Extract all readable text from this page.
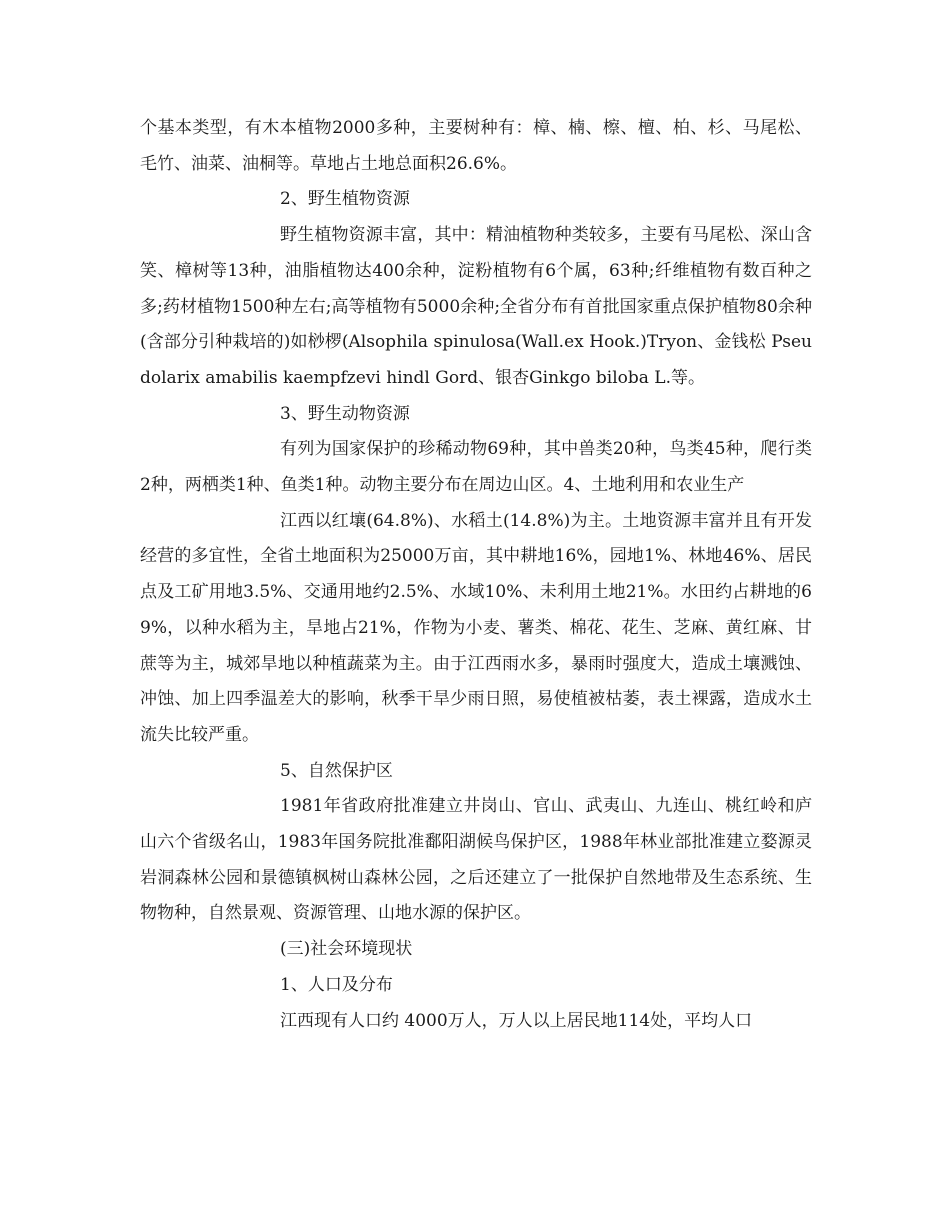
个基本类型，有木本植物2000多种，主要树种有：樟、楠、檫、檀、柏、杉、马尾松、毛竹、油菜、油桐等。草地占土地总面积26.6%。

2、野生植物资源

野生植物资源丰富，其中：精油植物种类较多，主要有马尾松、深山含笑、樟树等13种，油脂植物达400余种，淀粉植物有6个属，63种;纤维植物有数百种之多;药材植物1500种左右;高等植物有5000余种;全省分布有首批国家重点保护植物80余种(含部分引种栽培的)如桫椤(Alsophila spinulosa(Wall.ex Hook.)Tryon、金钱松 Pseudolarix amabilis kaempfzevi hindl Gord、银杏Ginkgo biloba L.等。

3、野生动物资源

有列为国家保护的珍稀动物69种，其中兽类20种，鸟类45种，爬行类2种，两栖类1种、鱼类1种。动物主要分布在周边山区。4、土地利用和农业生产

江西以红壤(64.8%)、水稻土(14.8%)为主。土地资源丰富并且有开发经营的多宜性，全省土地面积为25000万亩，其中耕地16%，园地1%、林地46%、居民点及工矿用地3.5%、交通用地约2.5%、水域10%、未利用土地21%。水田约占耕地的69%，以种水稻为主，旱地占21%，作物为小麦、薯类、棉花、花生、芝麻、黄红麻、甘蔗等为主，城郊旱地以种植蔬菜为主。由于江西雨水多，暴雨时强度大，造成土壤溅蚀、冲蚀、加上四季温差大的影响，秋季干旱少雨日照，易使植被枯萎，表土裸露，造成水土流失比较严重。

5、自然保护区

1981年省政府批准建立井岗山、官山、武夷山、九连山、桃红岭和庐山六个省级名山，1983年国务院批准鄱阳湖候鸟保护区，1988年林业部批准建立婺源灵岩洞森林公园和景德镇枫树山森林公园，之后还建立了一批保护自然地带及生态系统、生物物种，自然景观、资源管理、山地水源的保护区。

(三)社会环境现状

1、人口及分布

江西现有人口约 4000万人，万人以上居民地114处，平均人口
